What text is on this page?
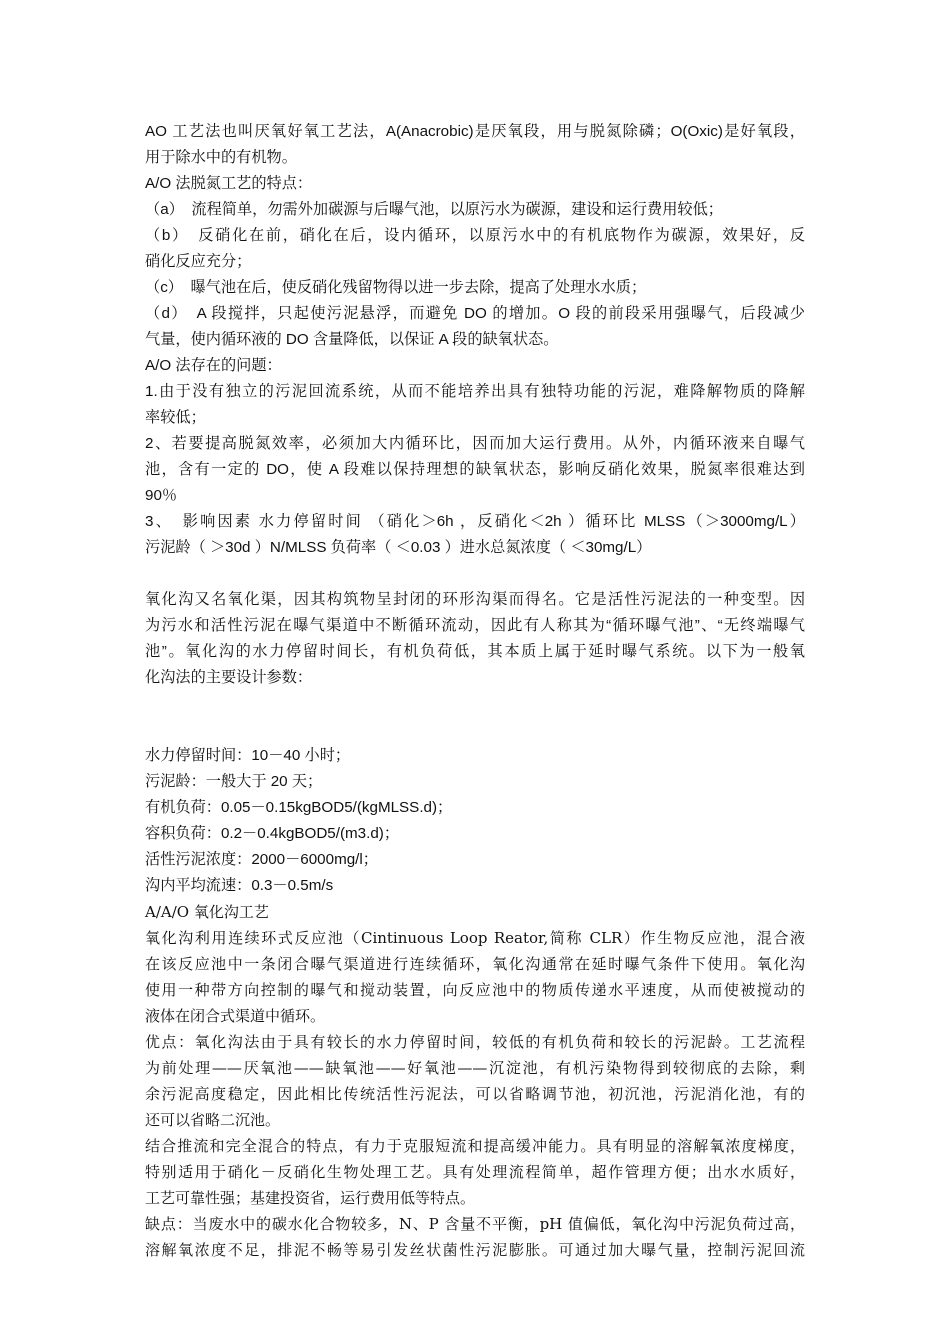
AO 工艺法也叫厌氧好氧工艺法，A(Anacrobic)是厌氧段，用与脱氮除磷；O(Oxic)是好氧段，
用于除水中的有机物。
A/O 法脱氮工艺的特点：
（a）　流程简单，勿需外加碳源与后曝气池，以原污水为碳源，建设和运行费用较低；
（b）　反硝化在前，硝化在后，设内循环，以原污水中的有机底物作为碳源，效果好，反
硝化反应充分；
（c）　曝气池在后，使反硝化残留物得以进一步去除，提高了处理水水质；
（d）　A 段搅拌，只起使污泥悬浮，而避免 DO 的增加。O 段的前段采用强曝气，后段减少
气量，使内循环液的 DO 含量降低，以保证 A 段的缺氧状态。
A/O 法存在的问题：
1.由于没有独立的污泥回流系统，从而不能培养出具有独特功能的污泥，难降解物质的降解
率较低；
2、若要提高脱氮效率，必须加大内循环比，因而加大运行费用。从外，内循环液来自曝气
池，含有一定的 DO，使 A 段难以保持理想的缺氧状态，影响反硝化效果，脱氮率很难达到
90％
3、　影响因素 水力停留时间 （硝化＞6h ，反硝化＜2h ）循环比 MLSS（＞3000mg/L）
污泥龄（ ＞30d ）N/MLSS 负荷率（ ＜0.03 ）进水总氮浓度（ ＜30mg/L）
氧化沟又名氧化渠，因其构筑物呈封闭的环形沟渠而得名。它是活性污泥法的一种变型。因
为污水和活性污泥在曝气渠道中不断循环流动，因此有人称其为“循环曝气池”、“无终端曝气
池”。氧化沟的水力停留时间长，有机负荷低，其本质上属于延时曝气系统。以下为一般氧
化沟法的主要设计参数：
水力停留时间：10－40 小时；
污泥龄：一般大于 20 天；
有机负荷：0.05－0.15kgBOD5/(kgMLSS.d)；
容积负荷：0.2－0.4kgBOD5/(m3.d)；
活性污泥浓度：2000－6000mg/l；
沟内平均流速：0.3－0.5m/s
A/A/O 氧化沟工艺
氧化沟利用连续环式反应池（Cintinuous Loop Reator,简称 CLR）作生物反应池，混合液
在该反应池中一条闭合曝气渠道进行连续循环，氧化沟通常在延时曝气条件下使用。氧化沟
使用一种带方向控制的曝气和搅动装置，向反应池中的物质传递水平速度，从而使被搅动的
液体在闭合式渠道中循环。
优点：氧化沟法由于具有较长的水力停留时间，较低的有机负荷和较长的污泥龄。工艺流程
为前处理——厌氧池——缺氧池——好氧池——沉淀池，有机污染物得到较彻底的去除，剩
余污泥高度稳定，因此相比传统活性污泥法，可以省略调节池，初沉池，污泥消化池，有的
还可以省略二沉池。
结合推流和完全混合的特点，有力于克服短流和提高缓冲能力。具有明显的溶解氧浓度梯度，
特别适用于硝化－反硝化生物处理工艺。具有处理流程简单，超作管理方便；出水水质好，
工艺可靠性强；基建投资省，运行费用低等特点。
缺点：当废水中的碳水化合物较多，N、P 含量不平衡，pH 值偏低，氧化沟中污泥负荷过高，
溶解氧浓度不足，排泥不畅等易引发丝状菌性污泥膨胀。可通过加大曝气量，控制污泥回流
